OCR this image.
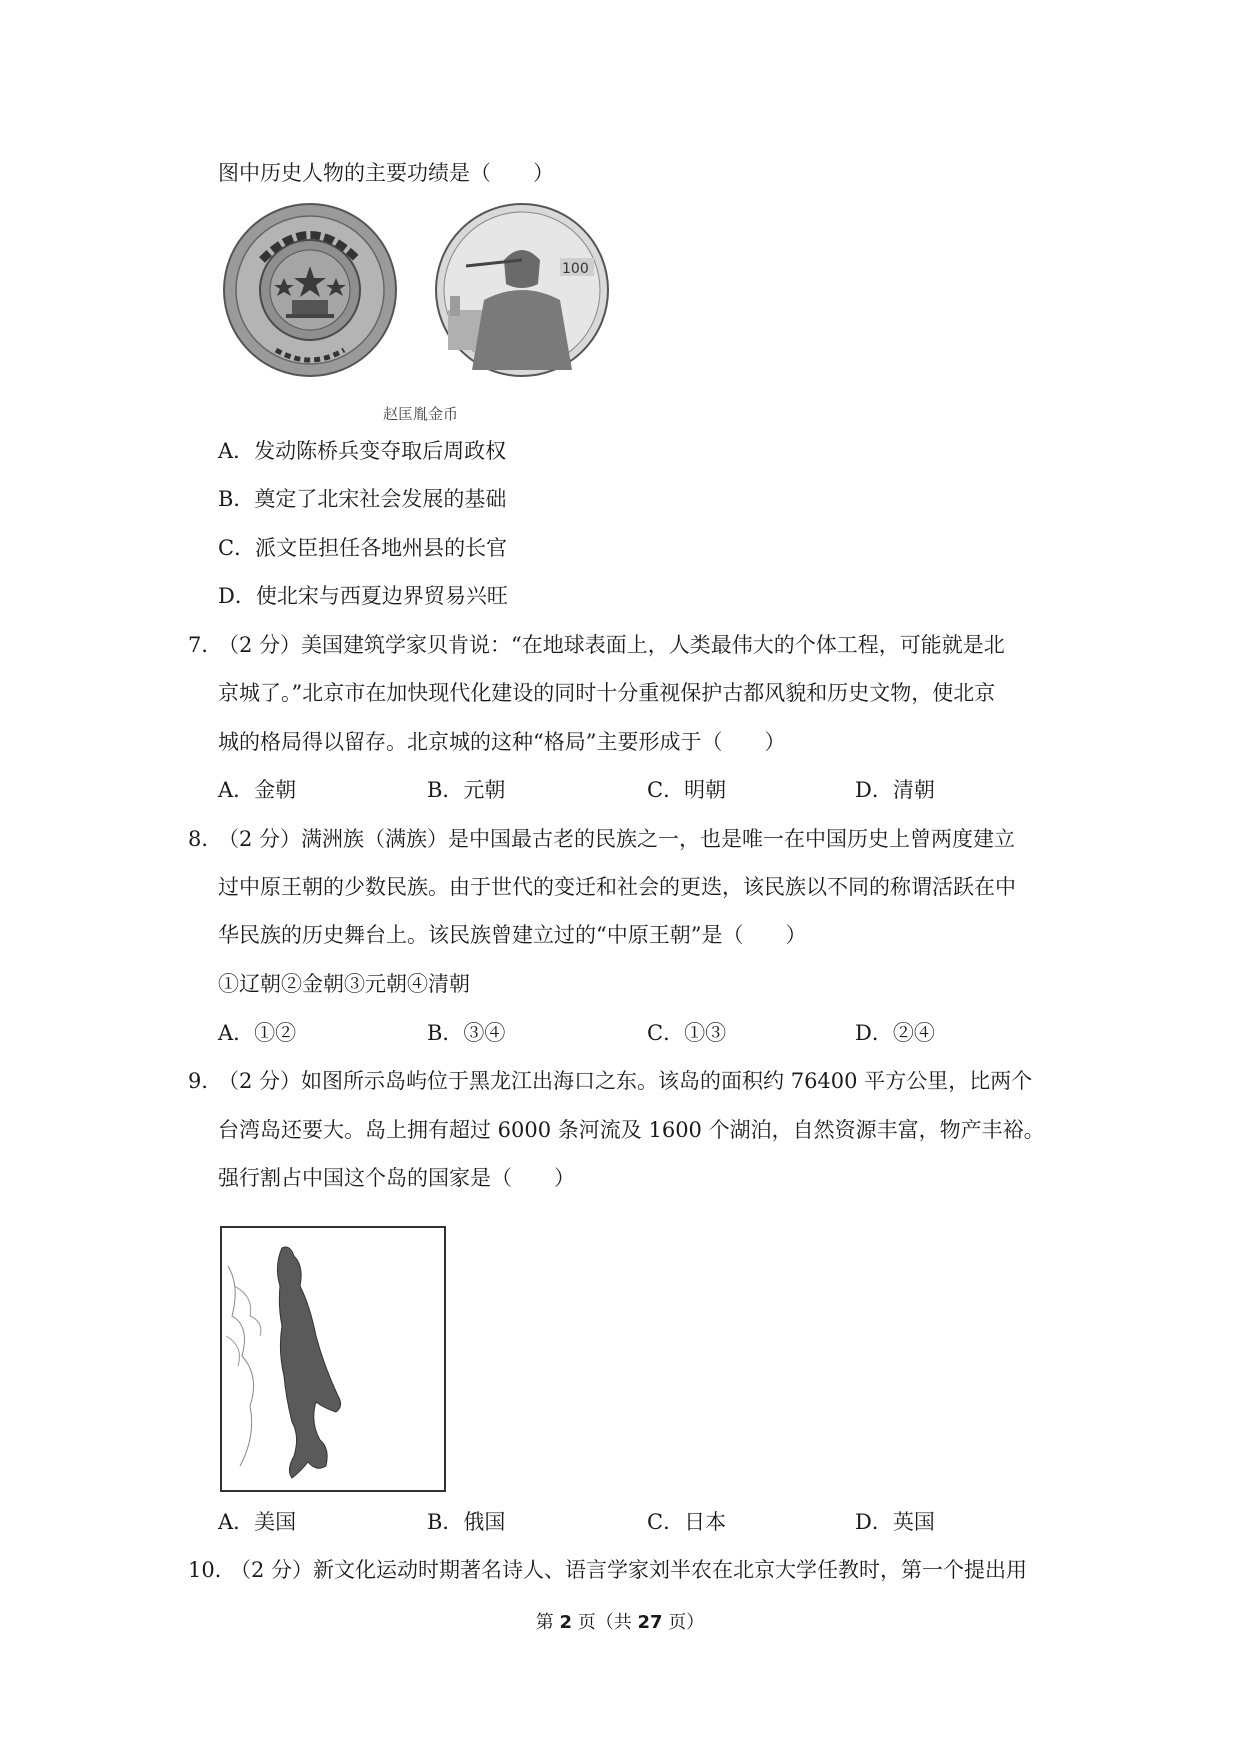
图中历史人物的主要功绩是（　　）
100
赵匡胤金币
A．发动陈桥兵变夺取后周政权
B．奠定了北宋社会发展的基础
C．派文臣担任各地州县的长官
D．使北宋与西夏边界贸易兴旺
7．
（2 分）美国建筑学家贝肯说：“在地球表面上，人类最伟大的个体工程，可能就是北
京城了。”北京市在加快现代化建设的同时十分重视保护古都风貌和历史文物，使北京
城的格局得以留存。北京城的这种“格局”主要形成于（　　）
A．金朝	B．元朝	C．明朝	D．清朝
8．
（2 分）满洲族（满族）是中国最古老的民族之一，也是唯一在中国历史上曾两度建立
过中原王朝的少数民族。由于世代的变迁和社会的更迭，该民族以不同的称谓活跃在中
华民族的历史舞台上。该民族曾建立过的“中原王朝”是（　　）
①辽朝②金朝③元朝④清朝
A．①②	B．③④	C．①③	D．②④
9．
（2 分）如图所示岛屿位于黑龙江出海口之东。该岛的面积约 76400 平方公里，比两个
台湾岛还要大。岛上拥有超过 6000 条河流及 1600 个湖泊，自然资源丰富，物产丰裕。
强行割占中国这个岛的国家是（　　）
A．美国	B．俄国	C．日本	D．英国
10．
（2 分）新文化运动时期著名诗人、语言学家刘半农在北京大学任教时，第一个提出用
第 2 页（共 27 页）
